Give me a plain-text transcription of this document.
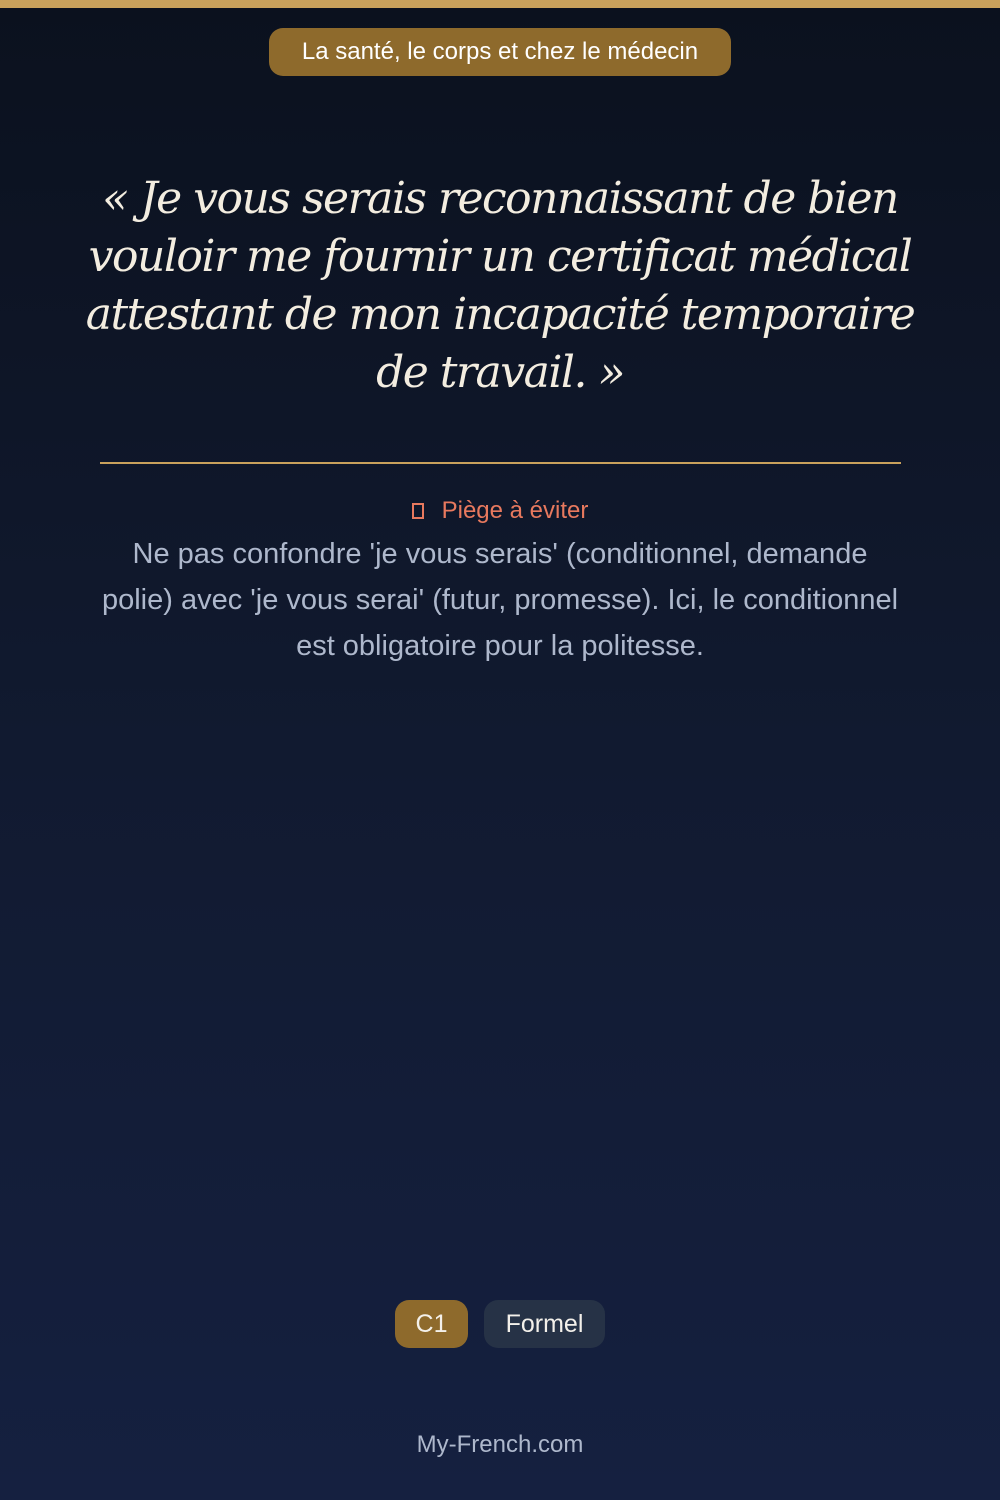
La santé, le corps et chez le médecin

« Je vous serais reconnaissant de bien vouloir me fournir un certificat médical attestant de mon incapacité temporaire de travail. »

Piège à éviter

Ne pas confondre 'je vous serais' (conditionnel, demande polie) avec 'je vous serai' (futur, promesse). Ici, le conditionnel est obligatoire pour la politesse.

C1	Formel
My-French.com
